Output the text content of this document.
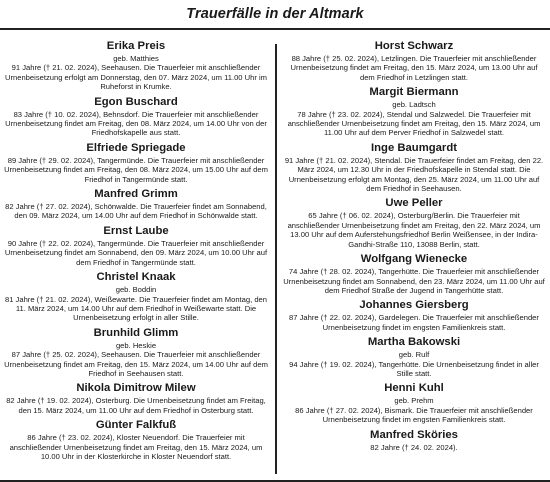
Trauerfälle in der Altmark
Erika Preis
geb. Matthies
91 Jahre († 21. 02. 2024), Seehausen. Die Trauerfeier mit anschließender Urnenbeisetzung erfolgt am Donnerstag, den 07. März 2024, um 11.00 Uhr im Ruheforst in Krumke.
Egon Buschard
83 Jahre († 10. 02. 2024), Behnsdorf. Die Trauerfeier mit anschließender Urnenbeisetzung findet am Freitag, den 08. März 2024, um 14.00 Uhr von der Friedhofskapelle aus statt.
Elfriede Spriegade
89 Jahre († 29. 02. 2024), Tangermünde. Die Trauerfeier mit anschließender Urnenbeisetzung findet am Freitag, den 08. März 2024, um 15.00 Uhr auf dem Friedhof in Tangermünde statt.
Manfred Grimm
82 Jahre († 27. 02. 2024), Schönwalde. Die Trauerfeier findet am Sonnabend, den 09. März 2024, um 14.00 Uhr auf dem Friedhof in Schönwalde statt.
Ernst Laube
90 Jahre († 22. 02. 2024), Tangermünde. Die Trauerfeier mit anschließender Urnenbeisetzung findet am Sonnabend, den 09. März 2024, um 10.00 Uhr auf dem Friedhof in Tangermünde statt.
Christel Knaak
geb. Boddin
81 Jahre († 21. 02. 2024), Weißewarte. Die Trauerfeier findet am Montag, den 11. März 2024, um 14.00 Uhr auf dem Friedhof in Weißewarte statt. Die Urnenbeisetzung erfolgt in aller Stille.
Brunhild Glimm
geb. Heskie
87 Jahre († 25. 02. 2024), Seehausen. Die Trauerfeier mit anschließender Urnenbeisetzung findet am Freitag, den 15. März 2024, um 14.00 Uhr auf dem Friedhof in Seehausen statt.
Nikola Dimitrow Milew
82 Jahre († 19. 02. 2024), Osterburg. Die Urnenbeisetzung findet am Freitag, den 15. März 2024, um 11.00 Uhr auf dem Friedhof in Osterburg statt.
Günter Falkfuß
86 Jahre († 23. 02. 2024), Kloster Neuendorf. Die Trauerfeier mit anschließender Urnenbeisetzung findet am Freitag, den 15. März 2024, um 10.00 Uhr in der Klosterkirche in Kloster Neuendorf statt.
Horst Schwarz
88 Jahre († 25. 02. 2024), Letzlingen. Die Trauerfeier mit anschließender Urnenbeisetzung findet am Freitag, den 15. März 2024, um 13.00 Uhr auf dem Friedhof in Letzlingen statt.
Margit Biermann
geb. Ladtsch
78 Jahre († 23. 02. 2024), Stendal und Salzwedel. Die Trauerfeier mit anschließender Urnenbeisetzung findet am Freitag, den 15. März 2024, um 11.00 Uhr auf dem Perver Friedhof in Salzwedel statt.
Inge Baumgardt
91 Jahre († 21. 02. 2024), Stendal. Die Trauerfeier findet am Freitag, den 22. März 2024, um 12.30 Uhr in der Friedhofskapelle in Stendal statt. Die Urnenbeisetzung erfolgt am Montag, den 25. März 2024, um 11.00 Uhr auf dem Friedhof in Seehausen.
Uwe Peller
65 Jahre († 06. 02. 2024), Osterburg/Berlin. Die Trauerfeier mit anschließender Urnenbeisetzung findet am Freitag, den 22. März 2024, um 13.00 Uhr auf dem Auferstehungsfriedhof Berlin Weißensee, in der Indira-Gandhi-Straße 110, 13088 Berlin, statt.
Wolfgang Wienecke
74 Jahre († 28. 02. 2024), Tangerhütte. Die Trauerfeier mit anschließender Urnenbeisetzung findet am Sonnabend, den 23. März 2024, um 11.00 Uhr auf dem Friedhof Straße der Jugend in Tangerhütte statt.
Johannes Giersberg
87 Jahre († 22. 02. 2024), Gardelegen. Die Trauerfeier mit anschließender Urnenbeisetzung findet im engsten Familienkreis statt.
Martha Bakowski
geb. Rulf
94 Jahre († 19. 02. 2024), Tangerhütte. Die Urnenbeisetzung findet in aller Stille statt.
Henni Kuhl
geb. Prehm
86 Jahre († 27. 02. 2024), Bismark. Die Trauerfeier mit anschließender Urnenbeisetzung findet im engsten Familienkreis statt.
Manfred Sköries
82 Jahre († 24. 02. 2024).
